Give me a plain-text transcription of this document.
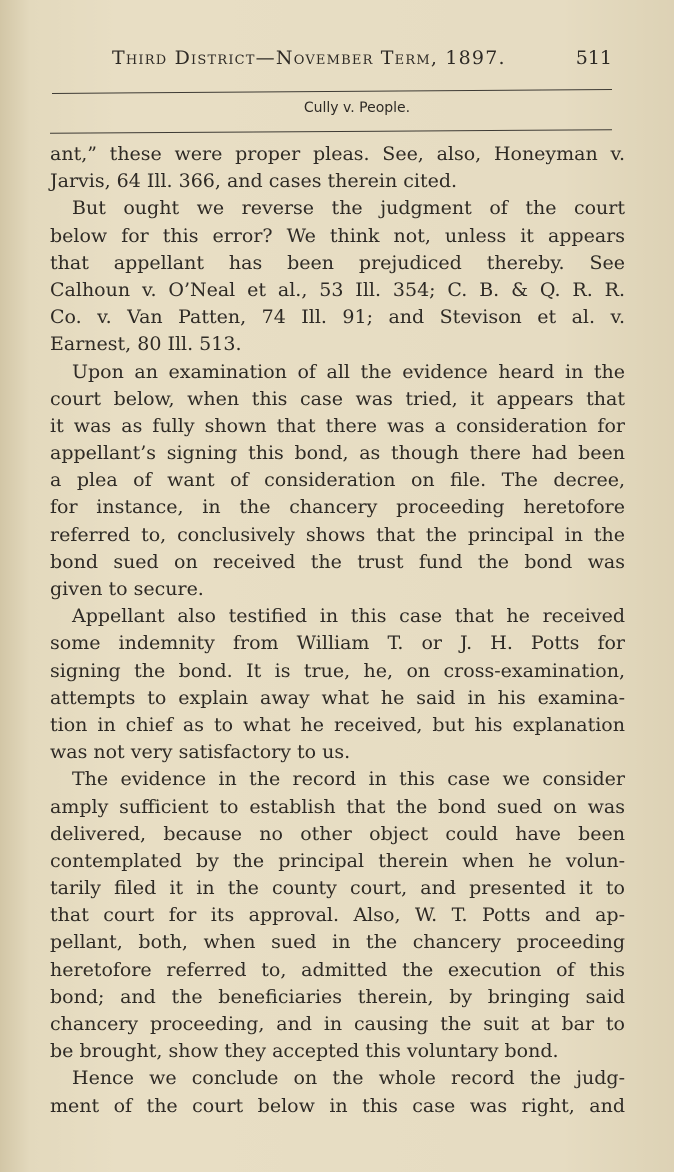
Third District—November Term, 1897.	511
Cully v. People.
ant,” these were proper pleas. See, also, Honeyman v.
Jarvis, 64 Ill. 366, and cases therein cited.
But ought we reverse the judgment of the court
below for this error? We think not, unless it appears
that appellant has been prejudiced thereby. See
Calhoun v. O’Neal et al., 53 Ill. 354; C. B. & Q. R. R.
Co. v. Van Patten, 74 Ill. 91; and Stevison et al. v.
Earnest, 80 Ill. 513.
Upon an examination of all the evidence heard in the
court below, when this case was tried, it appears that
it was as fully shown that there was a consideration for
appellant’s signing this bond, as though there had been
a plea of want of consideration on file. The decree,
for instance, in the chancery proceeding heretofore
referred to, conclusively shows that the principal in the
bond sued on received the trust fund the bond was
given to secure.
Appellant also testified in this case that he received
some indemnity from William T. or J. H. Potts for
signing the bond. It is true, he, on cross-examination,
attempts to explain away what he said in his examina-
tion in chief as to what he received, but his explanation
was not very satisfactory to us.
The evidence in the record in this case we consider
amply sufficient to establish that the bond sued on was
delivered, because no other object could have been
contemplated by the principal therein when he volun-
tarily filed it in the county court, and presented it to
that court for its approval. Also, W. T. Potts and ap-
pellant, both, when sued in the chancery proceeding
heretofore referred to, admitted the execution of this
bond; and the beneficiaries therein, by bringing said
chancery proceeding, and in causing the suit at bar to
be brought, show they accepted this voluntary bond.
Hence we conclude on the whole record the judg-
ment of the court below in this case was right, and
